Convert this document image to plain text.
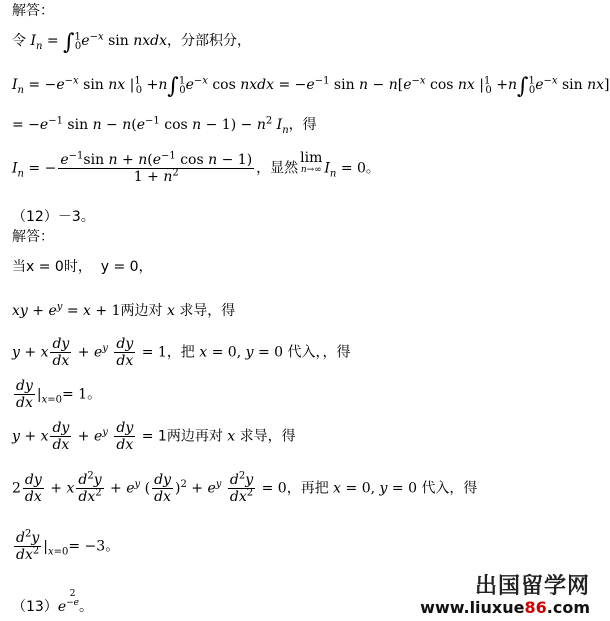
解答：
令 $I_n = \int^1_0e^{-x}$ sin nxdx，分部积分，
$I_n = -e^{-x}$ sin nx $|^1_0 +n\int^1_0e^{-x}$ cos nxdx = $-e^{-1}$ $\sin n - n[e^{-x}$ cos nx $|^1_0 +n\int^1_0e^{-x}$ sin nx]
= $-e^{-1}$ $\sin n - n(e^{-1}$ $\cos n - 1) - n^2$ $I_n$，得
$I_n$ = − $\frac{e^{-1}\sin n + n(e^{-1} \cos n - 1)}{1 + n^2}$ ，显然lim
n→∞ $I_n = 0$。
（12）－3。
解答：
当x = 0时， y = 0，
xy + $e^y = x + 1$两边对 x 求导，得
y + x $\frac{dy}{dx} + e^y \frac{dy}{dx} = 1$，把 x = 0, y = 0 代入，，得
$\frac{dy}{dx} |_{x=0}= 1$。
y + x $\frac{dy}{dx} + e^y \frac{dy}{dx} = 1$两边再对 x 求导，得
$2 \frac{dy}{dx} + x \frac{d^2y}{dx^2} + e^y$ ( $\frac{dy}{dx} )^2 + e^y \frac{d^2y}{dx^2} = 0$，再把 x = 0, y = 0 代入，得
$\frac{d^2y}{dx^2} |_{x=0}= -3$。
（13）e
$^{2 -e}$ 。
出国留学网
www.liuxue86.com
